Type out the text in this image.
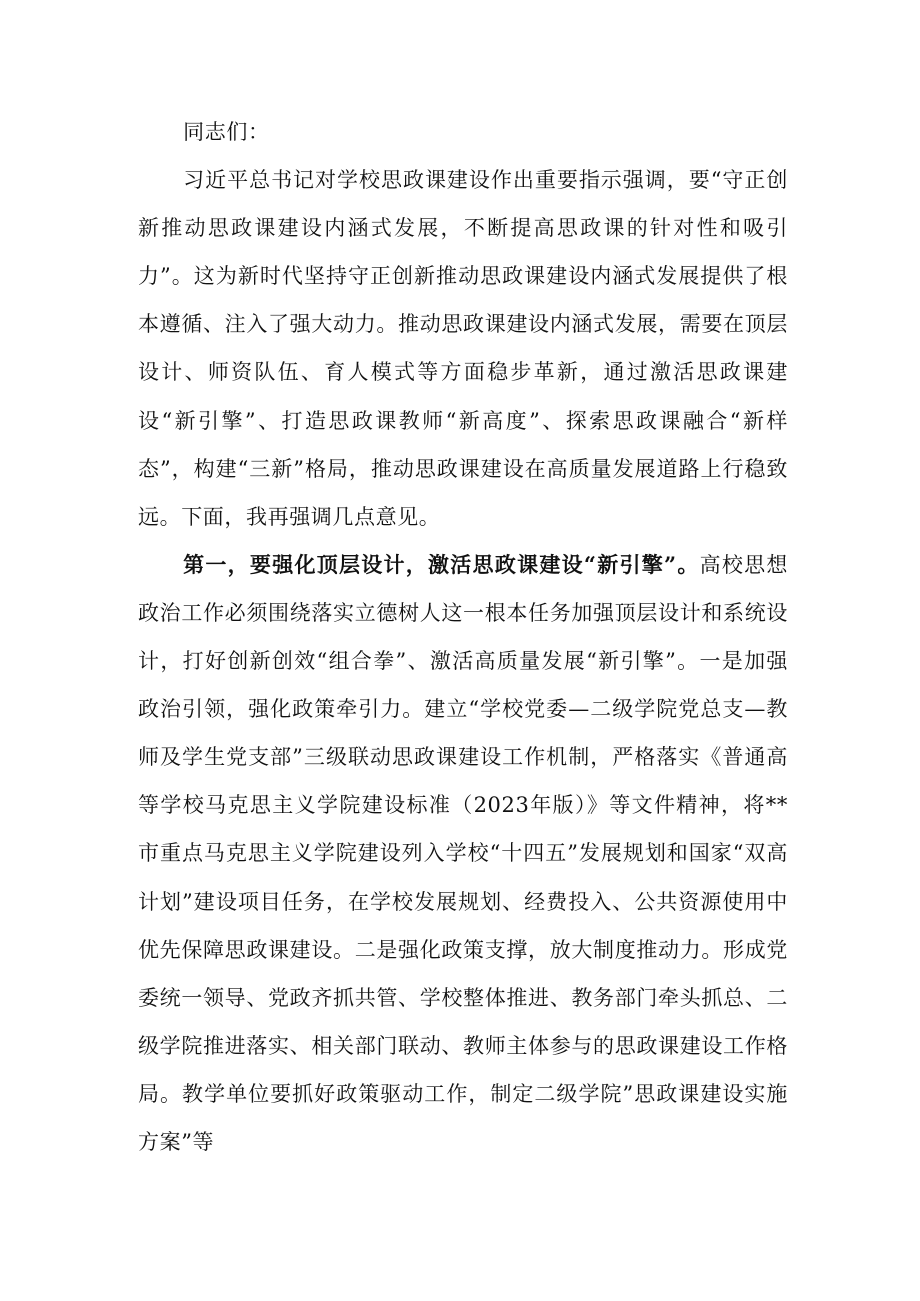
同志们：

习近平总书记对学校思政课建设作出重要指示强调，要“守正创新推动思政课建设内涵式发展，不断提高思政课的针对性和吸引力”。这为新时代坚持守正创新推动思政课建设内涵式发展提供了根本遵循、注入了强大动力。推动思政课建设内涵式发展，需要在顶层设计、师资队伍、育人模式等方面稳步革新，通过激活思政课建设“新引擎”、打造思政课教师“新高度”、探索思政课融合“新样态”，构建“三新”格局，推动思政课建设在高质量发展道路上行稳致远。下面，我再强调几点意见。

第一，要强化顶层设计，激活思政课建设“新引擎”。高校思想政治工作必须围绕落实立德树人这一根本任务加强顶层设计和系统设计，打好创新创效“组合拳”、激活高质量发展“新引擎”。一是加强政治引领，强化政策牵引力。建立“学校党委—二级学院党总支—教师及学生党支部”三级联动思政课建设工作机制，严格落实《普通高等学校马克思主义学院建设标准（2023年版）》等文件精神，将**市重点马克思主义学院建设列入学校“十四五”发展规划和国家“双高计划”建设项目任务，在学校发展规划、经费投入、公共资源使用中优先保障思政课建设。二是强化政策支撑，放大制度推动力。形成党委统一领导、党政齐抓共管、学校整体推进、教务部门牵头抓总、二级学院推进落实、相关部门联动、教师主体参与的思政课建设工作格局。教学单位要抓好政策驱动工作，制定二级学院”思政课建设实施方案”等
